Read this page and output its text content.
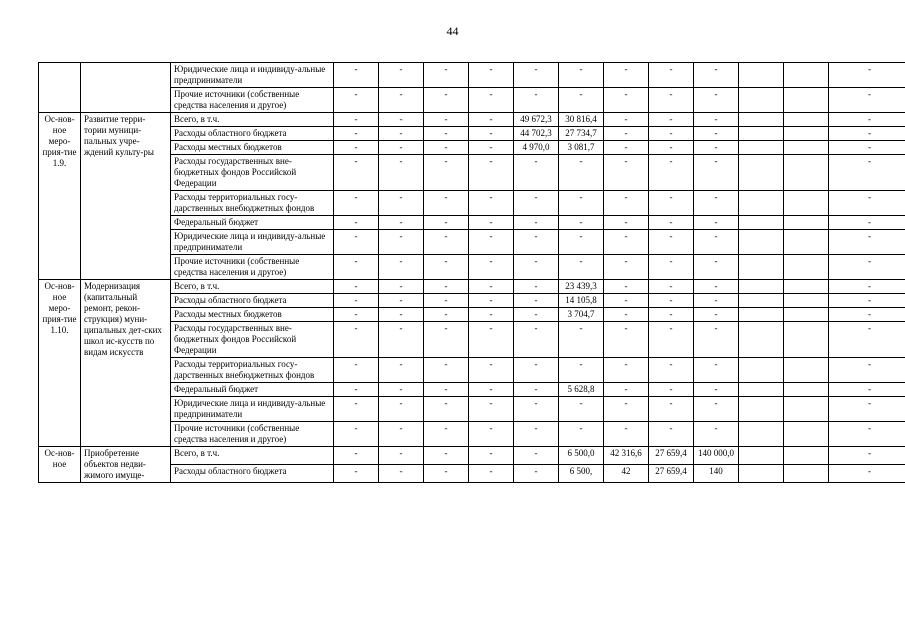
44
		Юридические лица и индивиду-альные предприниматели	-	-	-	-	-	-	-	-	-			-
		Прочие источники (собственные средства населения и другое)	-	-	-	-	-	-	-	-	-			-
Ос-нов-ное меро-прия-тие 1.9.	Развитие терри-тории муници-пальных учре-ждений культу-ры	Всего, в т.ч.	-	-	-	-	49 672,3	30 816,4	-	-	-			-
		Расходы областного бюджета	-	-	-	-	44 702,3	27 734,7	-	-	-			-
		Расходы местных бюджетов	-	-	-	-	4 970,0	3 081,7	-	-	-			-
		Расходы государственных вне-бюджетных фондов Российской Федерации	-	-	-	-	-	-	-	-	-			-
		Расходы территориальных госу-дарственных внебюджетных фондов	-	-	-	-	-	-	-	-	-			-
		Федеральный бюджет	-	-	-	-	-	-	-	-	-			-
		Юридические лица и индивиду-альные предприниматели	-	-	-	-	-	-	-	-	-			-
		Прочие источники (собственные средства населения и другое)	-	-	-	-	-	-	-	-	-			-
Ос-нов-ное меро-прия-тие 1.10.	Модернизация (капитальный ремонт, рекон-струкция) муни-ципальных дет-ских школ ис-кусств по видам искусств	Всего, в т.ч.	-	-	-	-	-	23 439,3	-	-	-			-
		Расходы областного бюджета	-	-	-	-	-	14 105,8	-	-	-			-
		Расходы местных бюджетов	-	-	-	-	-	3 704,7	-	-	-			-
		Расходы государственных вне-бюджетных фондов Российской Федерации	-	-	-	-	-	-	-	-	-			-
		Расходы территориальных госу-дарственных внебюджетных фондов	-	-	-	-	-	-	-	-	-			-
		Федеральный бюджет	-	-	-	-	-	5 628,8	-	-	-			-
		Юридические лица и индивиду-альные предприниматели	-	-	-	-	-	-	-	-	-			-
		Прочие источники (собственные средства населения и другое)	-	-	-	-	-	-	-	-	-			-
Ос-нов-ное	Приобретение объектов недви-жимого имуще-	Всего, в т.ч.	-	-	-	-	-	6 500,0	42 316,6	27 659,4	140 000,0			-
		Расходы областного бюджета	-	-	-	-	-	6 500,	42	27 659,4	140			-
